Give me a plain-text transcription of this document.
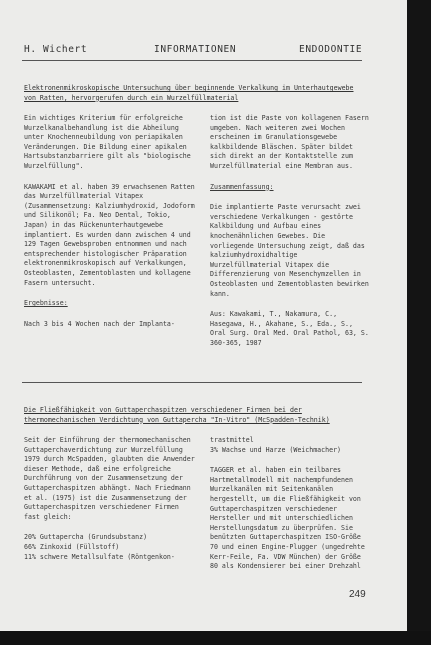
H. Wichert	INFORMATIONEN	ENDODONTIE
Elektronenmikroskopische Untersuchung über beginnende Verkalkung im Unterhautgewebe von Ratten, hervorgerufen durch ein Wurzelfüllmaterial

Ein wichtiges Kriterium für erfolgreiche Wurzelkanalbehandlung ist die Abheilung unter Knochenneubildung von periapikalen Veränderungen. Die Bildung einer apikalen Hartsubstanzbarriere gilt als "biologische Wurzelfüllung".

KAWAKAMI et al. haben 39 erwachsenen Ratten das Wurzelfüllmaterial Vitapex (Zusammensetzung: Kalziumhydroxid, Jodoform und Silikonöl; Fa. Neo Dental, Tokio, Japan) in das Rückenunterhautgewebe implantiert. Es wurden dann zwischen 4 und 129 Tagen Gewebsproben entnommen und nach entsprechender histologischer Präparation elektronenmikroskopisch auf Verkalkungen, Osteoblasten, Zementoblasten und kollagene Fasern untersucht.

Ergebnisse:

Nach 3 bis 4 Wochen nach der Implanta-

tion ist die Paste von kollagenen Fasern umgeben. Nach weiteren zwei Wochen erscheinen im Granulationsgewebe kalkbildende Bläschen. Später bildet sich direkt an der Kontaktstelle zum Wurzelfüllmaterial eine Membran aus.

Zusammenfassung:

Die implantierte Paste verursacht zwei verschiedene Verkalkungen - gestörte Kalkbildung und Aufbau eines knochenähnlichen Gewebes. Die vorliegende Untersuchung zeigt, daß das kalziumhydroxidhaltige Wurzelfüllmaterial Vitapex die Differenzierung von Mesenchymzellen in Osteoblasten und Zementoblasten bewirken kann.

Aus: Kawakami, T., Nakamura, C., Hasegawa, H., Akahane, S., Eda., S., Oral Surg. Oral Med. Oral Pathol, 63, S. 360-365, 1987

Die Fließfähigkeit von Guttaperchaspitzen verschiedener Firmen bei der thermomechanischen Verdichtung von Guttapercha "In-Vitro" (McSpadden-Technik)

Seit der Einführung der thermomechanischen Guttaperchaverdichtung zur Wurzelfüllung 1979 durch McSpadden, glaubten die Anwender dieser Methode, daß eine erfolgreiche Durchführung von der Zusammensetzung der Guttaperchaspitzen abhängt. Nach Friedmann et al. (1975) ist die Zusammensetzung der Guttaperchaspitzen verschiedener Firmen fast gleich:

20% Guttapercha (Grundsubstanz)

66% Zinkoxid (Füllstoff)

11% schwere Metallsulfate (Röntgenkon-

trastmittel

3% Wachse und Harze (Weichmacher)

TAGGER et al. haben ein teilbares Hartmetallmodell mit nachempfundenen Wurzelkanälen mit Seitenkanälen hergestellt, um die Fließfähigkeit von Guttaperchaspitzen verschiedener Hersteller und mit unterschiedlichen Herstellungsdatum zu überprüfen. Sie benützten Guttaperchaspitzen ISO-Größe 70 und einen Engine-Plugger (ungedrehte Kerr-Feile, Fa. VDW München) der Größe 80 als Kondensierer bei einer Drehzahl

249
